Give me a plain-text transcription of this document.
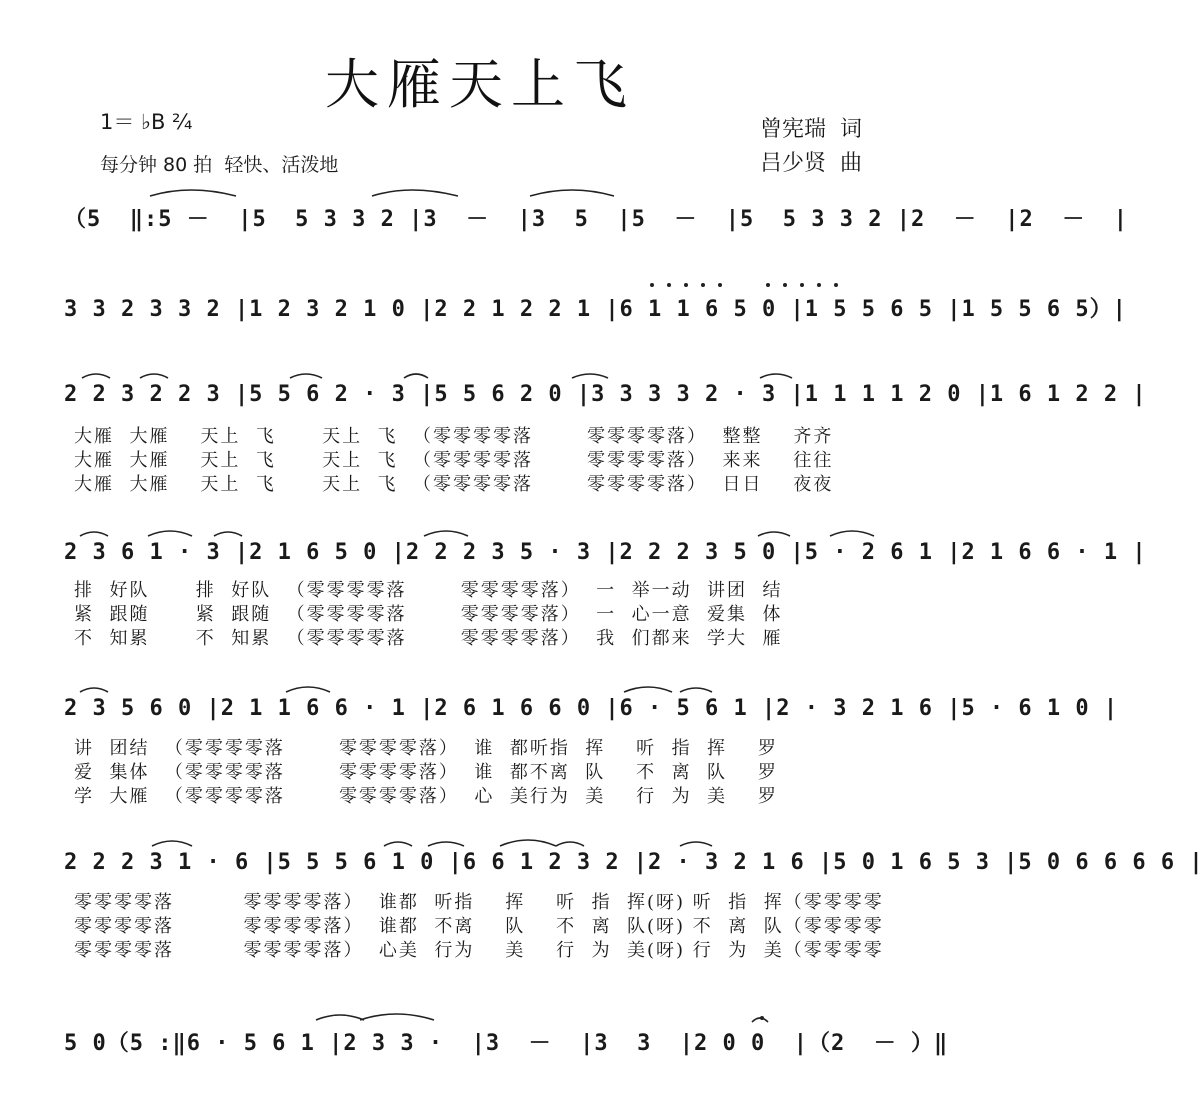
大雁天上飞
1＝ ♭B ²⁄₄
每分钟 80 拍  轻快、活泼地
曾宪瑞  词
吕少贤  曲
（5  ‖:5 －  |5  5 3 3 2 |3  －  |3  5  |5  －  |5  5 3 3 2 |2  －  |2  －  |
3 3 2 3 3 2 |1 2 3 2 1 0 |2 2 1 2 2 1 |6 1 1 6 5 0 |1 5 5 6 5 |1 5 5 6 5）|
2 2 3 2 2 3 |5 5 6 2 · 3 |5 5 6 2 0 |3 3 3 3 2 · 3 |1 1 1 1 2 0 |1 6 1 2 2 |
大雁  大雁    天上  飞      天上  飞  （零零零零落       零零零零落）  整整    齐齐
大雁  大雁    天上  飞      天上  飞  （零零零零落       零零零零落）  来来    往往
大雁  大雁    天上  飞      天上  飞  （零零零零落       零零零零落）  日日    夜夜
2 3 6 1 · 3 |2 1 6 5 0 |2 2 2 3 5 · 3 |2 2 2 3 5 0 |5 · 2 6 1 |2 1 6 6 · 1 |
排  好队      排  好队  （零零零零落       零零零零落）  一  举一动  讲团  结
紧  跟随      紧  跟随  （零零零零落       零零零零落）  一  心一意  爱集  体
不  知累      不  知累  （零零零零落       零零零零落）  我  们都来  学大  雁
2 3 5 6 0 |2 1 1 6 6 · 1 |2 6 1 6 6 0 |6 · 5 6 1 |2 · 3 2 1 6 |5 · 6 1 0 |
讲  团结  （零零零零落       零零零零落）  谁  都听指  挥    听  指  挥    罗
爱  集体  （零零零零落       零零零零落）  谁  都不离  队    不  离  队    罗
学  大雁  （零零零零落       零零零零落）  心  美行为  美    行  为  美    罗
2 2 2 3 1 · 6 |5 5 5 6 1 0 |6 6 1 2 3 2 |2 · 3 2 1 6 |5 0 1 6 5 3 |5 0 6 6 6 6 |
零零零零落         零零零零落）  谁都  听指    挥    听  指  挥(呀) 听  指  挥（零零零零
零零零零落         零零零零落）  谁都  不离    队    不  离  队(呀) 不  离  队（零零零零
零零零零落         零零零零落）  心美  行为    美    行  为  美(呀) 行  为  美（零零零零
5 0（5 :‖6 · 5 6 1 |2 3 3 ·  |3  －  |3  3  |2 0 0  |（2  － ）‖
